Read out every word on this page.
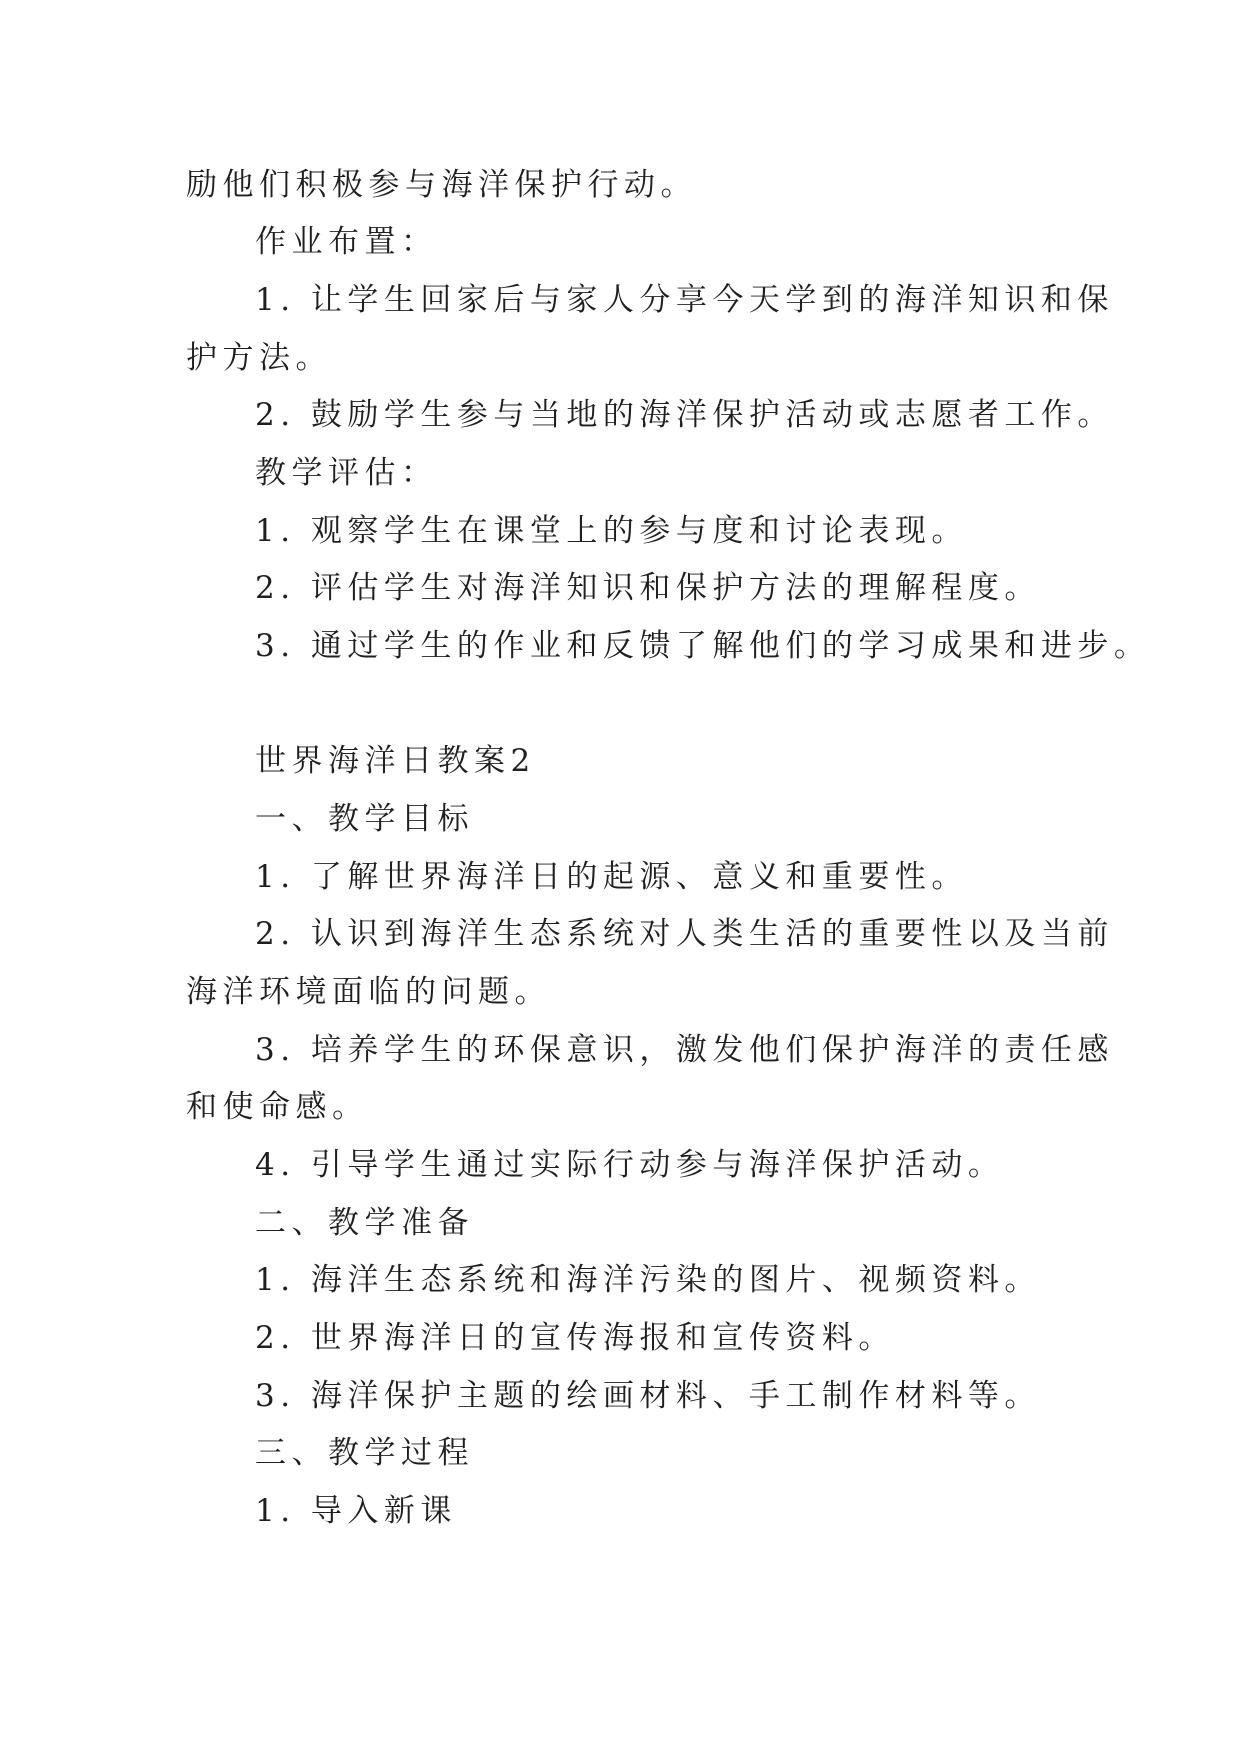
励他们积极参与海洋保护行动。
作业布置：
1. 让学生回家后与家人分享今天学到的海洋知识和保
护方法。
2. 鼓励学生参与当地的海洋保护活动或志愿者工作。
教学评估：
1. 观察学生在课堂上的参与度和讨论表现。
2. 评估学生对海洋知识和保护方法的理解程度。
3. 通过学生的作业和反馈了解他们的学习成果和进步。
世界海洋日教案2
一、教学目标
1. 了解世界海洋日的起源、意义和重要性。
2. 认识到海洋生态系统对人类生活的重要性以及当前
海洋环境面临的问题。
3. 培养学生的环保意识，激发他们保护海洋的责任感
和使命感。
4. 引导学生通过实际行动参与海洋保护活动。
二、教学准备
1. 海洋生态系统和海洋污染的图片、视频资料。
2. 世界海洋日的宣传海报和宣传资料。
3. 海洋保护主题的绘画材料、手工制作材料等。
三、教学过程
1. 导入新课
